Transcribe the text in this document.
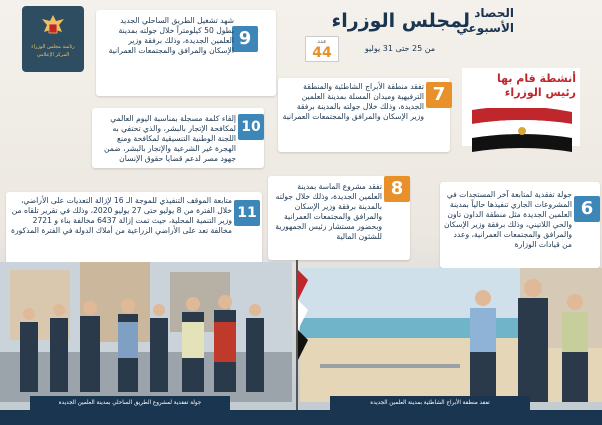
الحصاد
الأسبوعي
لمجلس الوزراء
من 25 حتى 31 يوليو
عدد
44
رئاسة مجلس الوزراء
المركز الإعلامي
أنشطة قام بها
رئيس الوزراء
9
شهد تشغيل الطريق الساحلي الجديد بطول 50 كيلومتراً خلال جولته بمدينة العلمين الجديدة، وذلك برفقة وزير الإسكان والمرافق والمجتمعات العمرانية
7
تفقد منطقة الأبراج الشاطئية والمنطقة الترفيهية وميدان المسلة بمدينة العلمين الجديدة، وذلك خلال جولته بالمدينة برفقة وزير الإسكان والمرافق والمجتمعات العمرانية
10
إلقاء كلمة مسجلة بمناسبة اليوم العالمي لمكافحة الإتجار بالبشر، والذي تحتفي به اللجنة الوطنية التنسيقية لمكافحة ومنع الهجرة غير الشرعية والإتجار بالبشر، ضمن جهود مصر لدعم قضايا حقوق الإنسان
6
جولة تفقدية لمتابعة آخر المستجدات في المشروعات الجاري تنفيذها حالياً بمدينة العلمين الجديدة مثل منطقة الداون تاون والحي اللاتيني، وذلك برفقة وزير الإسكان والمرافق والمجتمعات العمرانية، وعدد من قيادات الوزارة
8
تفقد مشروع الماسة بمدينة العلمين الجديدة، وذلك خلال جولته بالمدينة برفقة وزير الإسكان والمرافق والمجتمعات العمرانية وبحضور مستشار رئيس الجمهورية للشئون المالية
11
متابعة الموقف التنفيذي للموجة الـ 16 لإزالة التعديات على الأراضي، خلال الفترة من 8 يوليو حتى 27 يوليو 2020، وذلك في تقرير تلقاه من وزير التنمية المحلية، حيث تمت إزالة 6437 مخالفة بناء و 2721 مخالفة تعد على الأراضي الزراعية من أملاك الدولة في الفترة المذكورة
جولة تفقدية لمشروع الطريق الساحلي بمدينة العلمين الجديدة	تفقد منطقة الأبراج الشاطئية بمدينة العلمين الجديدة
